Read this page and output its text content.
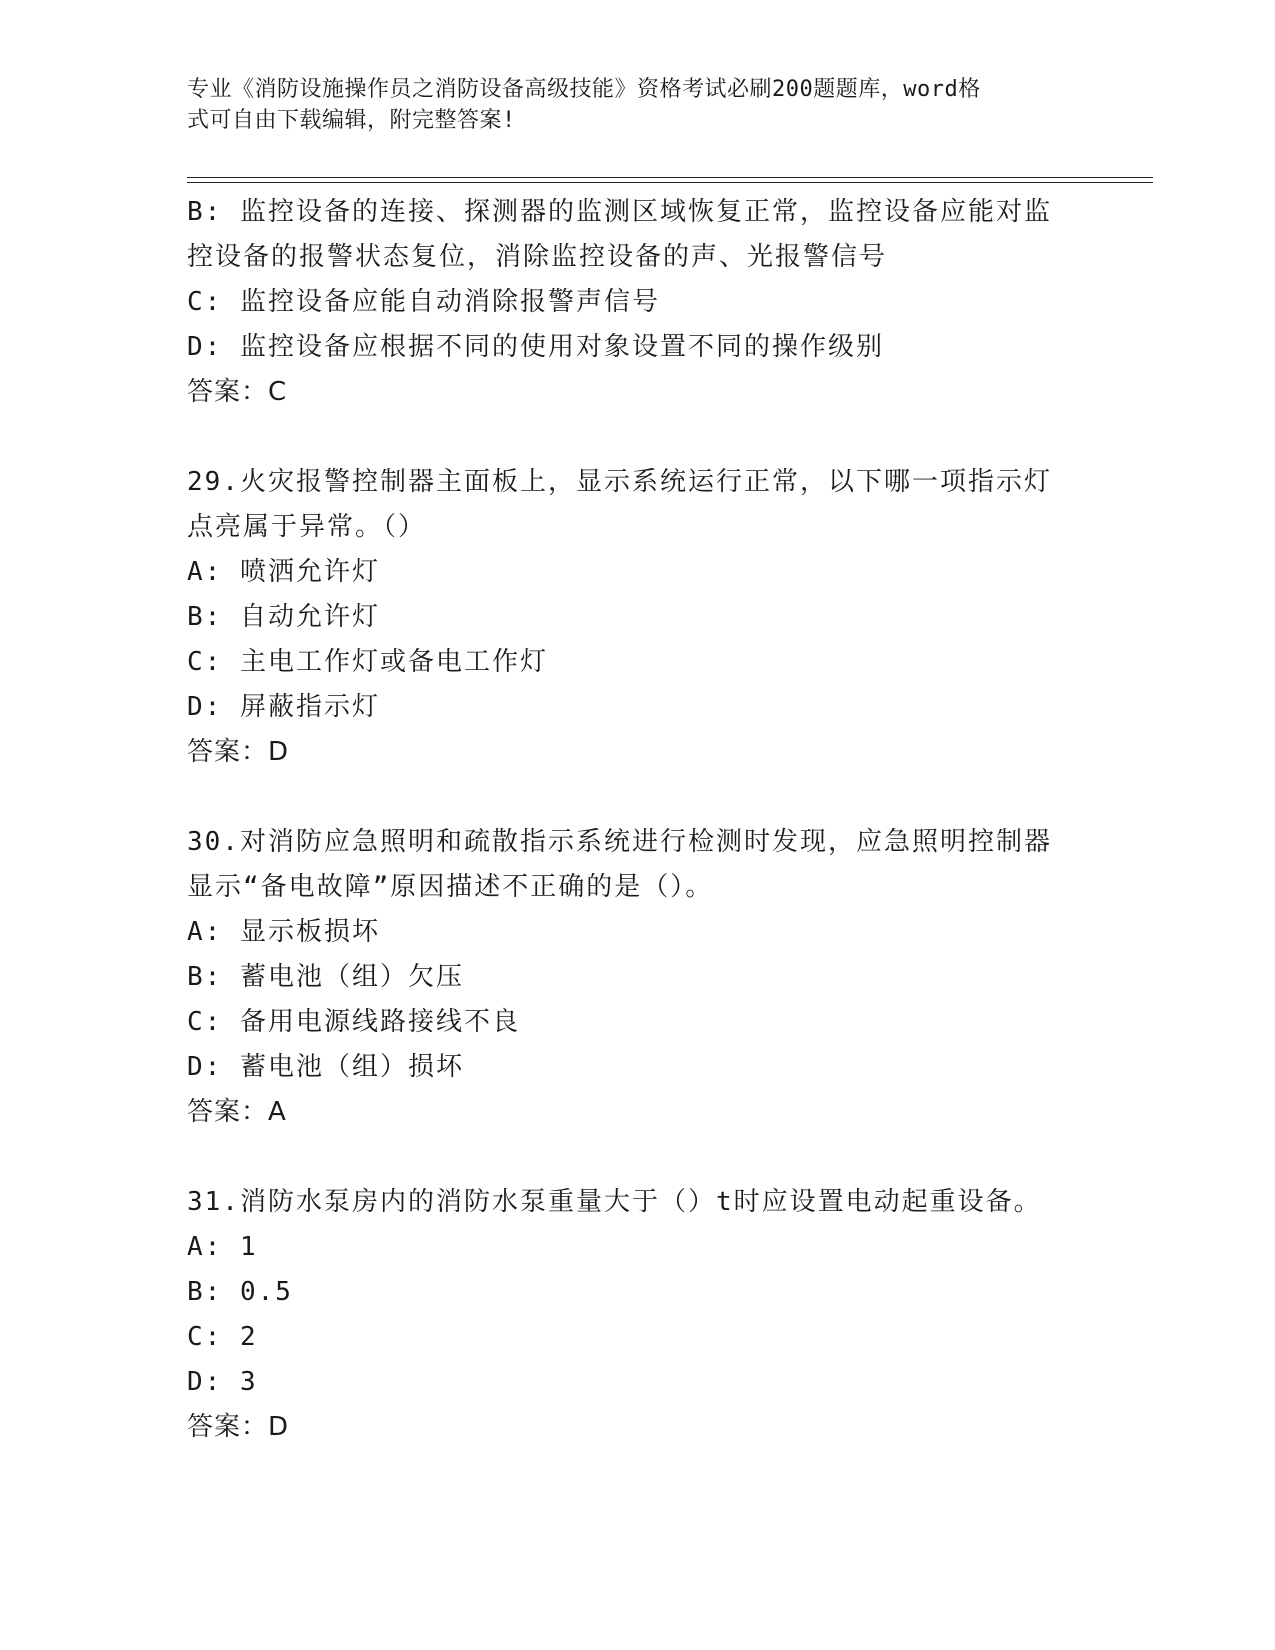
专业《消防设施操作员之消防设备高级技能》资格考试必刷200题题库，word格
式可自由下载编辑，附完整答案!
B: 监控设备的连接、探测器的监测区域恢复正常，监控设备应能对监
控设备的报警状态复位，消除监控设备的声、光报警信号
C: 监控设备应能自动消除报警声信号
D: 监控设备应根据不同的使用对象设置不同的操作级别
答案：C
29.火灾报警控制器主面板上，显示系统运行正常，以下哪一项指示灯
点亮属于异常。（）
A: 喷洒允许灯
B: 自动允许灯
C: 主电工作灯或备电工作灯
D: 屏蔽指示灯
答案：D
30.对消防应急照明和疏散指示系统进行检测时发现，应急照明控制器
显示“备电故障”原因描述不正确的是（）。
A: 显示板损坏
B: 蓄电池（组）欠压
C: 备用电源线路接线不良
D: 蓄电池（组）损坏
答案：A
31.消防水泵房内的消防水泵重量大于（）t时应设置电动起重设备。
A: 1
B: 0.5
C: 2
D: 3
答案：D
